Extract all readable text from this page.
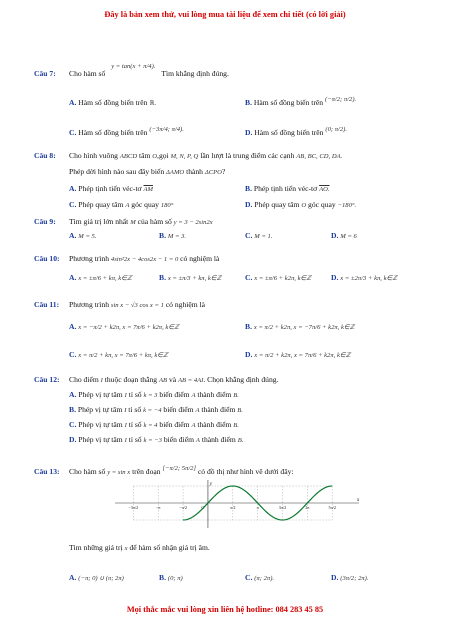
Đây là bản xem thử, vui lòng mua tài liệu để xem chi tiết (có lời giải)
Câu 7: Cho hàm số y = tan(x + π/4). Tìm khẳng định đúng.
A. Hàm số đồng biến trên ℝ.	B. Hàm số đồng biến trên (−π/2; π/2).
C. Hàm số đồng biến trên (−3π/4; π/4).	D. Hàm số đồng biến trên (0; π/2).
Câu 8: Cho hình vuông ABCD tâm O,gọi M, N, P, Q lần lượt là trung điểm các cạnh AB, BC, CD, DA.
Phép dời hình nào sau đây biến ΔAMO thành ΔCPO?
A. Phép tịnh tiến véc-tơ $\overline{AM}$	B. Phép tịnh tiến véc-tơ AO.
C. Phép quay tâm A góc quay 180°	D. Phép quay tâm O góc quay −180°.
Câu 9: Tìm giá trị lớn nhất M của hàm số y = 3 − 2sin2x
A. M = 5.	B. M = 3.	C. M = 1.	D. M = 6
Câu 10: Phương trình 4sin²2x − 4cos2x − 1 = 0 có nghiệm là
A. x = ±π/6 + kπ, k∈ℤ	B. x = ±π/3 + kπ, k∈ℤ	C. x = ±π/6 + k2π, k∈ℤ	D. x = ±2π/3 + kπ, k∈ℤ
Câu 11: Phương trình sin x − √3 cos x = 1 có nghiệm là
A. x = −π/2 + k2π, x = 7π/6 + k2π, k∈ℤ	B. x = π/2 + k2π, x = −7π/6 + k2π, k∈ℤ
C. x = π/2 + kπ, x = 7π/6 + kπ, k∈ℤ	D. x = π/2 + k2π, x = 7π/6 + k2π, k∈ℤ
Câu 12: Cho điểm I thuộc đoạn thẳng AB và AB = 4AI. Chọn khẳng định đúng.
A. Phép vị tự tâm I tỉ số k = 3 biến điểm A thành điểm B.
B. Phép vị tự tâm I tỉ số k = −4 biến điểm A thành điểm B.
C. Phép vị tự tâm I tỉ số k = 4 biến điểm A thành điểm B.
D. Phép vị tự tâm I tỉ số k = −3 biến điểm A thành điểm B.
Câu 13: Cho hàm số y = sin x trên đoạn [−π/2; 5π/2] có đồ thị như hình vẽ dưới đây:
x
y
−3π/2	−π	−π/2	O	π/2	π	3π/2	2π	5π/2
Tìm những giá trị x để hàm số nhận giá trị âm.
A. (−π; 0) ∪ (π; 2π)	B. (0; π)	C. (π; 2π).	D. (3π/2; 2π).
Mọi thắc mắc vui lòng xin liên hệ hotline: 084 283 45 85
